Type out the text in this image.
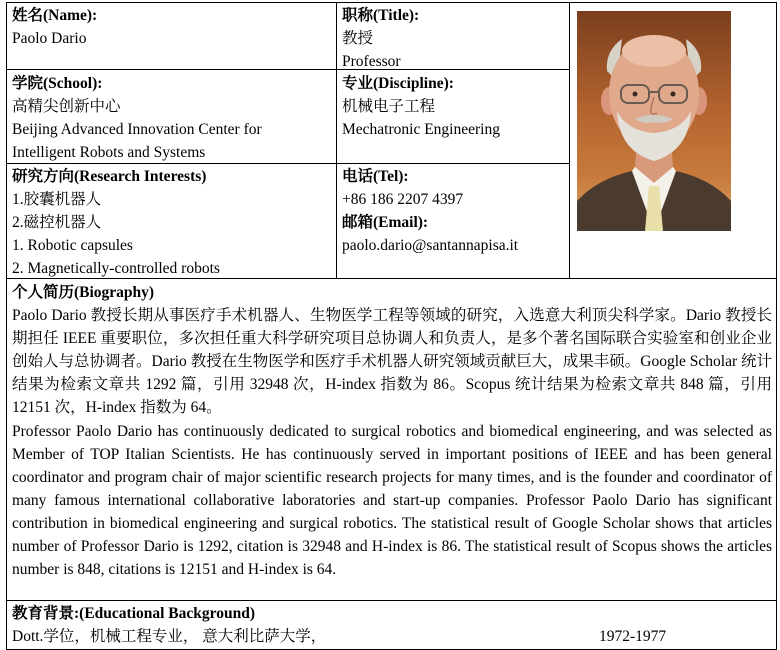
姓名(Name):
Paolo Dario
职称(Title):
教授
Professor
学院(School):
高精尖创新中心
Beijing Advanced Innovation Center for
Intelligent Robots and Systems
专业(Discipline):
机械电子工程
Mechatronic Engineering
研究方向(Research Interests)
1.胶囊机器人
2.磁控机器人
1. Robotic capsules
2. Magnetically-controlled robots
电话(Tel):
+86 186 2207 4397
邮箱(Email):
paolo.dario@santannapisa.it
个人简历(Biography)

Paolo Dario 教授长期从事医疗手术机器人、生物医学工程等领域的研究，入选意大利顶尖科学家。Dario 教授长期担任 IEEE 重要职位，多次担任重大科学研究项目总协调人和负责人，是多个著名国际联合实验室和创业企业创始人与总协调者。Dario 教授在生物医学和医疗手术机器人研究领域贡献巨大，成果丰硕。Google Scholar 统计结果为检索文章共 1292 篇，引用 32948 次，H-index 指数为 86。Scopus 统计结果为检索文章共 848 篇，引用 12151 次，H-index 指数为 64。

Professor Paolo Dario has continuously dedicated to surgical robotics and biomedical engineering, and was selected as Member of TOP Italian Scientists. He has continuously served in important positions of IEEE and has been general coordinator and program chair of major scientific research projects for many times, and is the founder and coordinator of many famous international collaborative laboratories and start-up companies. Professor Paolo Dario has significant contribution in biomedical engineering and surgical robotics. The statistical result of Google Scholar shows that articles number of Professor Dario is 1292, citation is 32948 and H-index is 86. The statistical result of Scopus shows the articles number is 848, citations is 12151 and H-index is 64.

教育背景:(Educational Background)
Dott.学位，机械工程专业， 意大利比萨大学，	1972-1977
